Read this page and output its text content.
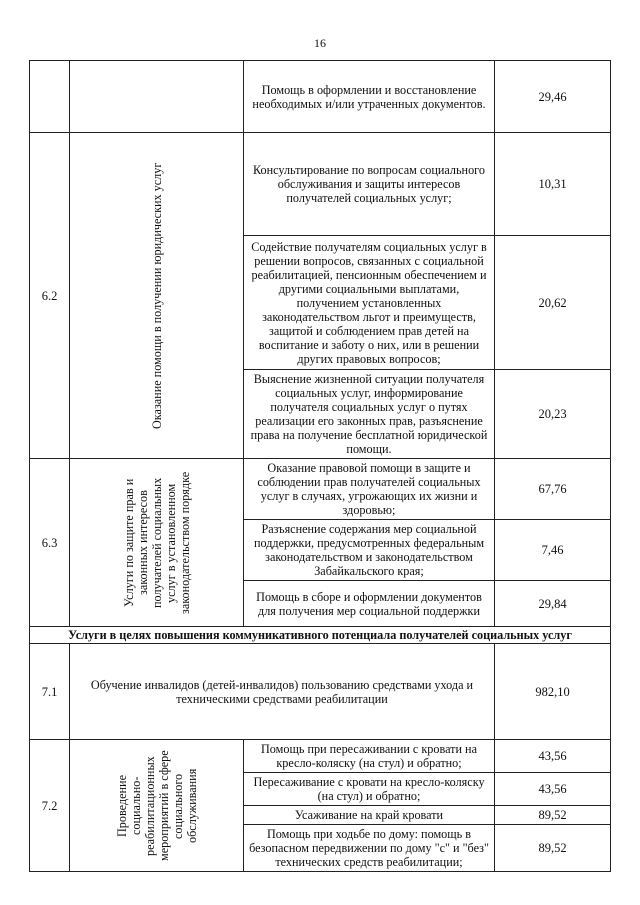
16
		Помощь в оформлении и восстановление необходимых и/или утраченных документов.	29,46
6.2	Оказание помощи в получении юридических услуг	Консультирование по вопросам социального обслуживания и защиты интересов получателей социальных услуг;	10,31
		Содействие получателям социальных услуг в решении вопросов, связанных с социальной реабилитацией, пенсионным обеспечением и другими социальными выплатами, получением установленных законодательством льгот и преимуществ, защитой и соблюдением прав детей на воспитание и заботу о них, или в решении других правовых вопросов;	20,62
		Выяснение жизненной ситуации получателя социальных услуг, информирование получателя социальных услуг о путях реализации его законных прав, разъяснение права на получение бесплатной юридической помощи.	20,23
6.3	Услуги по защите прав и законных интересов получателей социальных услуг в установленном законодательством порядке	Оказание правовой помощи в защите и соблюдении прав получателей социальных услуг в случаях, угрожающих их жизни и здоровью;	67,76
		Разъяснение содержания мер социальной поддержки, предусмотренных федеральным законодательством и законодательством Забайкальского края;	7,46
		Помощь в сборе и оформлении документов для получения мер социальной поддержки	29,84
Услуги в целях повышения коммуникативного потенциала получателей социальных услуг			
7.1	Обучение инвалидов (детей-инвалидов) пользованию средствами ухода и техническими средствами реабилитации		982,10
7.2	Проведение социально-реабилитационных мероприятий в сфере социального обслуживания	Помощь при пересаживании с кровати на кресло-коляску (на стул) и обратно;	43,56
		Пересаживание с кровати на кресло-коляску (на стул) и обратно;	43,56
		Усаживание на край кровати	89,52
		Помощь при ходьбе по дому: помощь в безопасном передвижении по дому "с" и "без" технических средств реабилитации;	89,52
